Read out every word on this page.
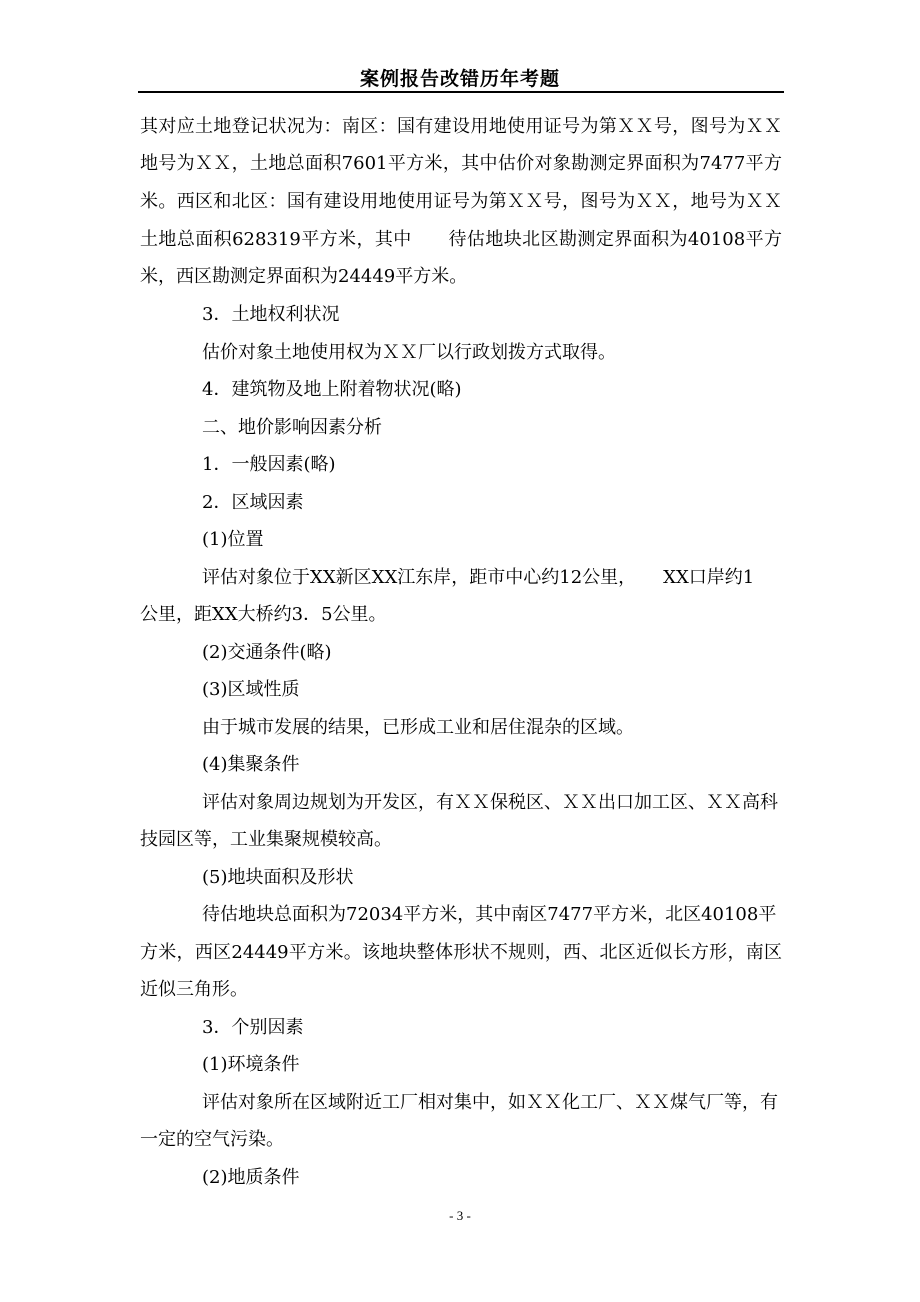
案例报告改错历年考题
其对应土地登记状况为：南区：国有建设用地使用证号为第ＸＸ号，图号为ＸＸ
地号为ＸＸ，土地总面积7601平方米，其中估价对象勘测定界面积为7477平方
米。西区和北区：国有建设用地使用证号为第ＸＸ号，图号为ＸＸ，地号为ＸＸ
土地总面积628319平方米，其中　　待估地块北区勘测定界面积为40108平方
米，西区勘测定界面积为24449平方米。
3．土地权利状况
估价对象土地使用权为ＸＸ厂以行政划拨方式取得。
4．建筑物及地上附着物状况(略)
二、地价影响因素分析
1．一般因素(略)
2．区域因素
(1)位置
评估对象位于XX新区XX江东岸，距市中心约12公里，　　XX口岸约1
公里，距XX大桥约3．5公里。
(2)交通条件(略)
(3)区域性质
由于城市发展的结果，已形成工业和居住混杂的区域。
(4)集聚条件
评估对象周边规划为开发区，有ＸＸ保税区、ＸＸ出口加工区、ＸＸ高科
技园区等，工业集聚规模较高。
(5)地块面积及形状
待估地块总面积为72034平方米，其中南区7477平方米，北区40108平
方米，西区24449平方米。该地块整体形状不规则，西、北区近似长方形，南区
近似三角形。
3．个别因素
(1)环境条件
评估对象所在区域附近工厂相对集中，如ＸＸ化工厂、ＸＸ煤气厂等，有
一定的空气污染。
(2)地质条件
- 3 -
